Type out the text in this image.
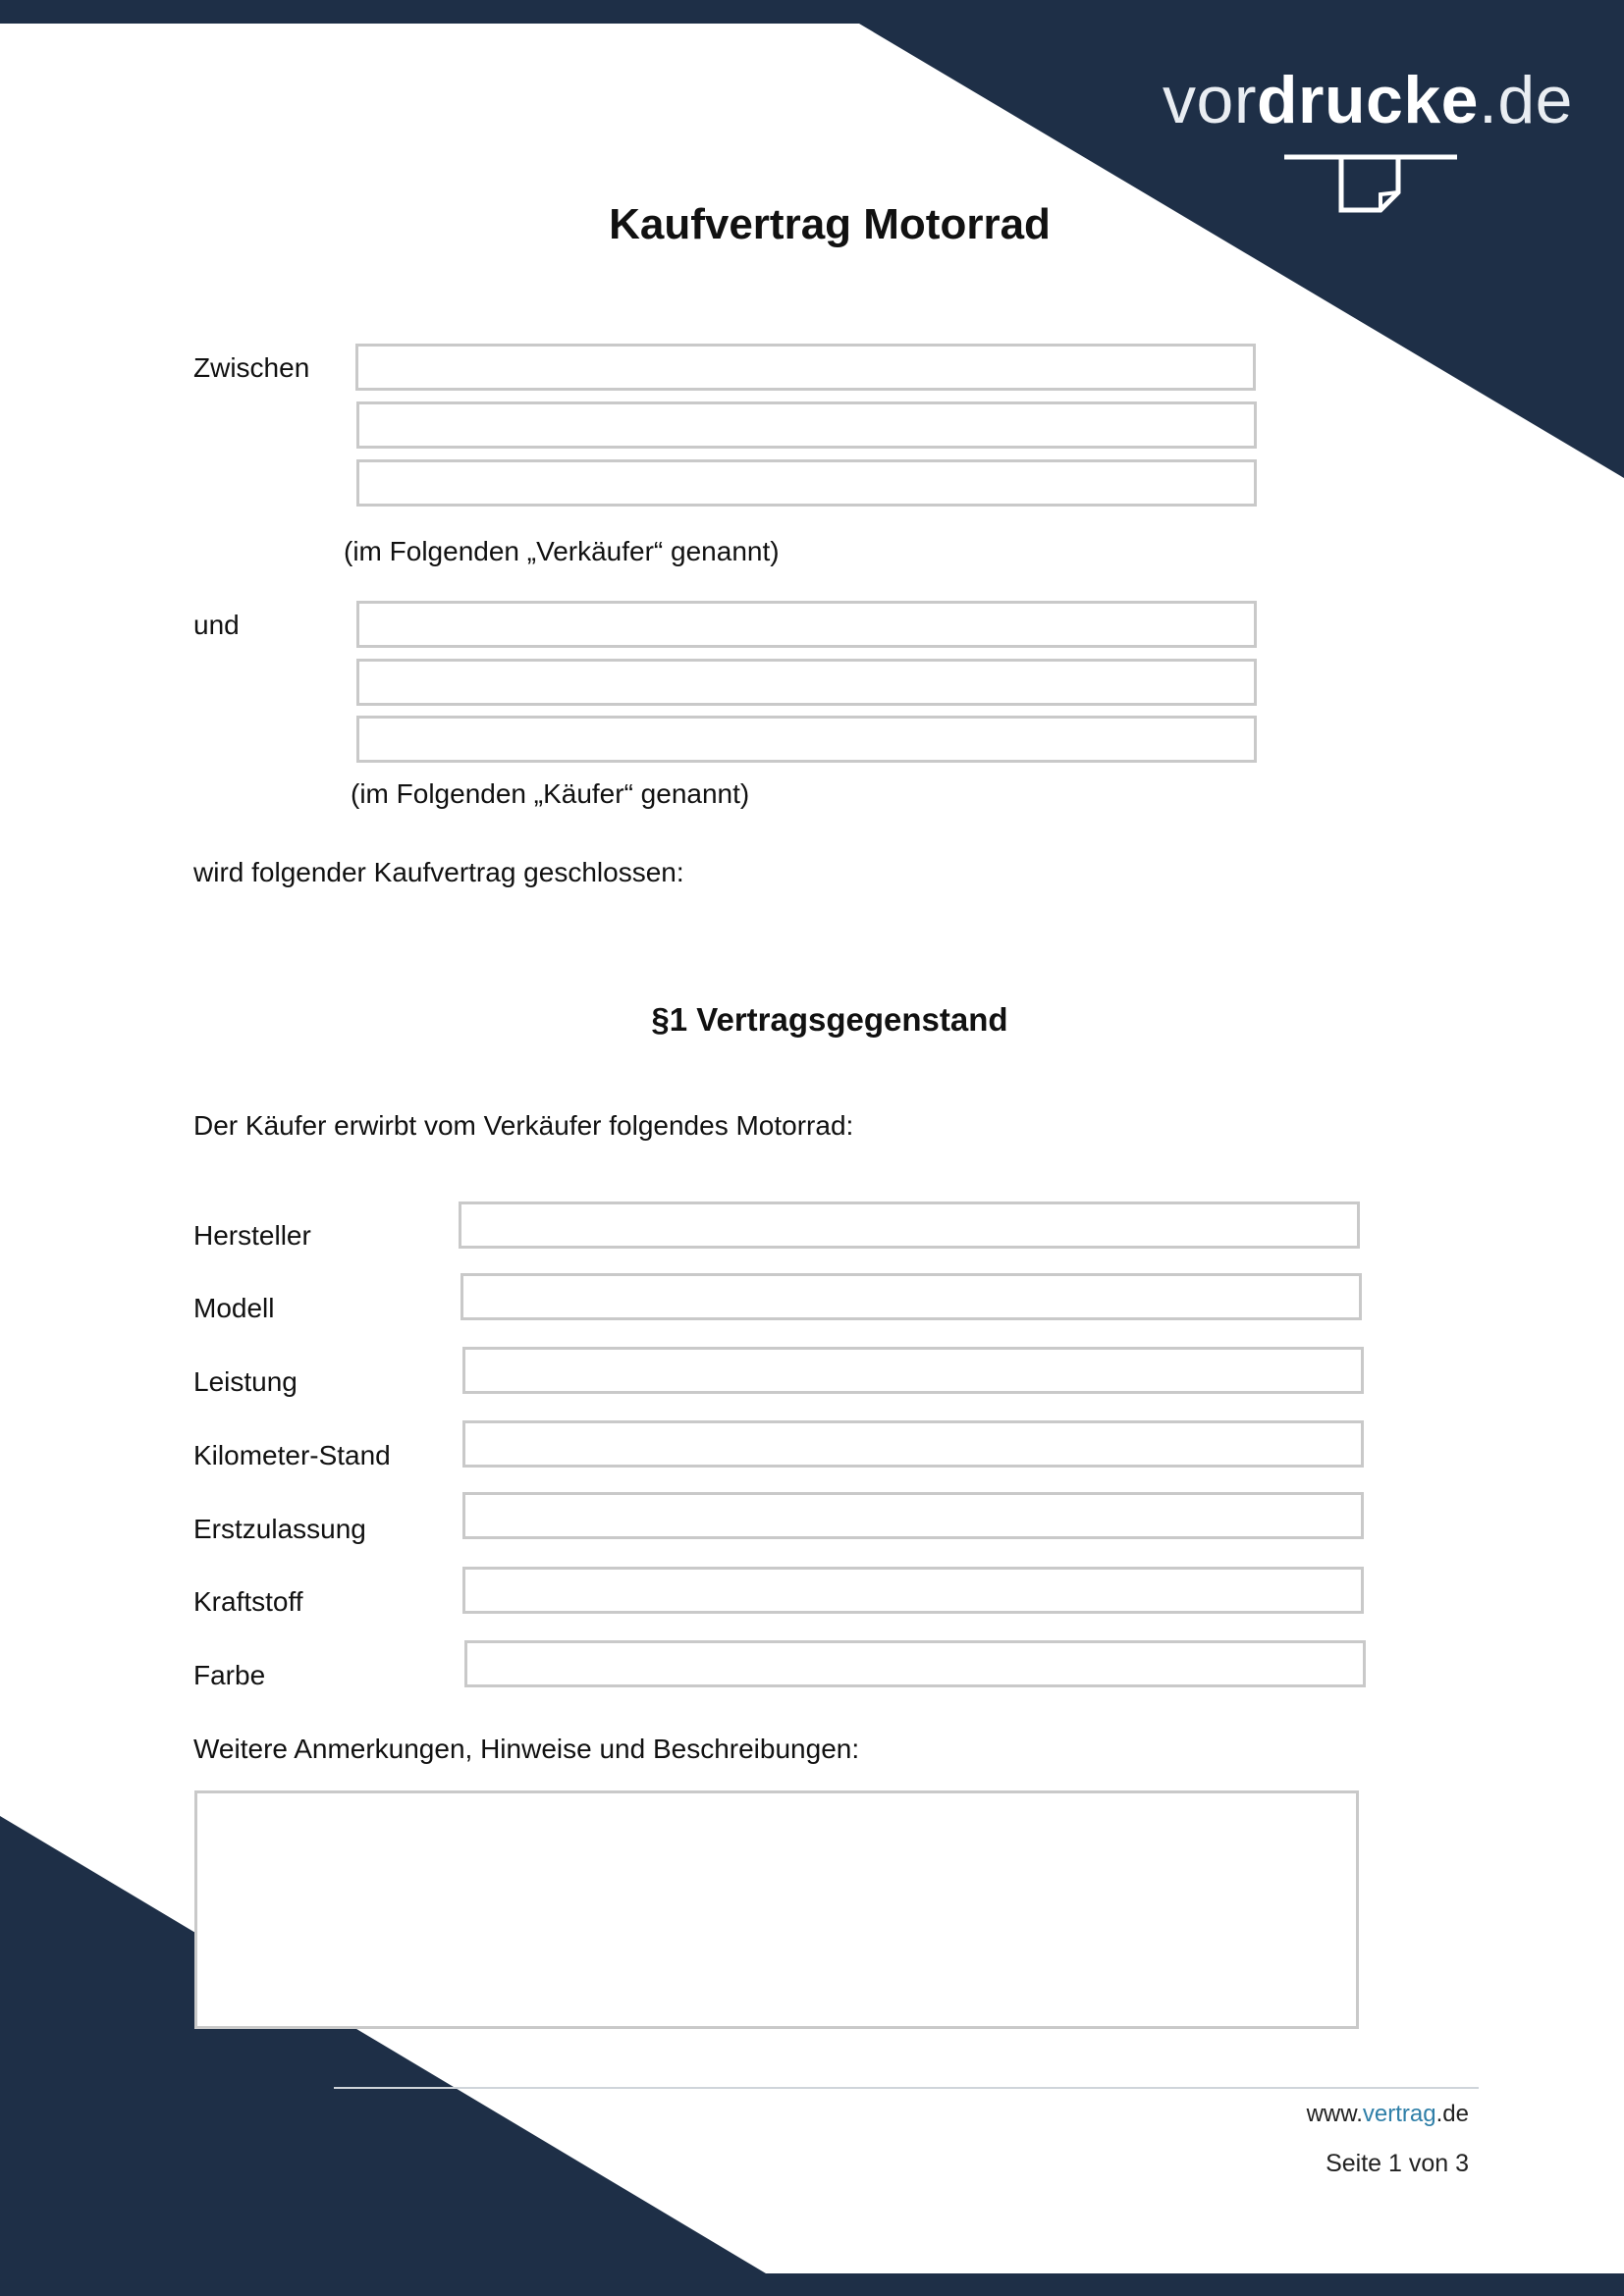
vordrucke.de
Kaufvertrag Motorrad
Zwischen
(im Folgenden „Verkäufer“ genannt)
und
(im Folgenden „Käufer“ genannt)
wird folgender Kaufvertrag geschlossen:
§1 Vertragsgegenstand
Der Käufer erwirbt vom Verkäufer folgendes Motorrad:
Hersteller
Modell
Leistung
Kilometer-Stand
Erstzulassung
Kraftstoff
Farbe
Weitere Anmerkungen, Hinweise und Beschreibungen:
www.vertrag.de
Seite 1 von 3
